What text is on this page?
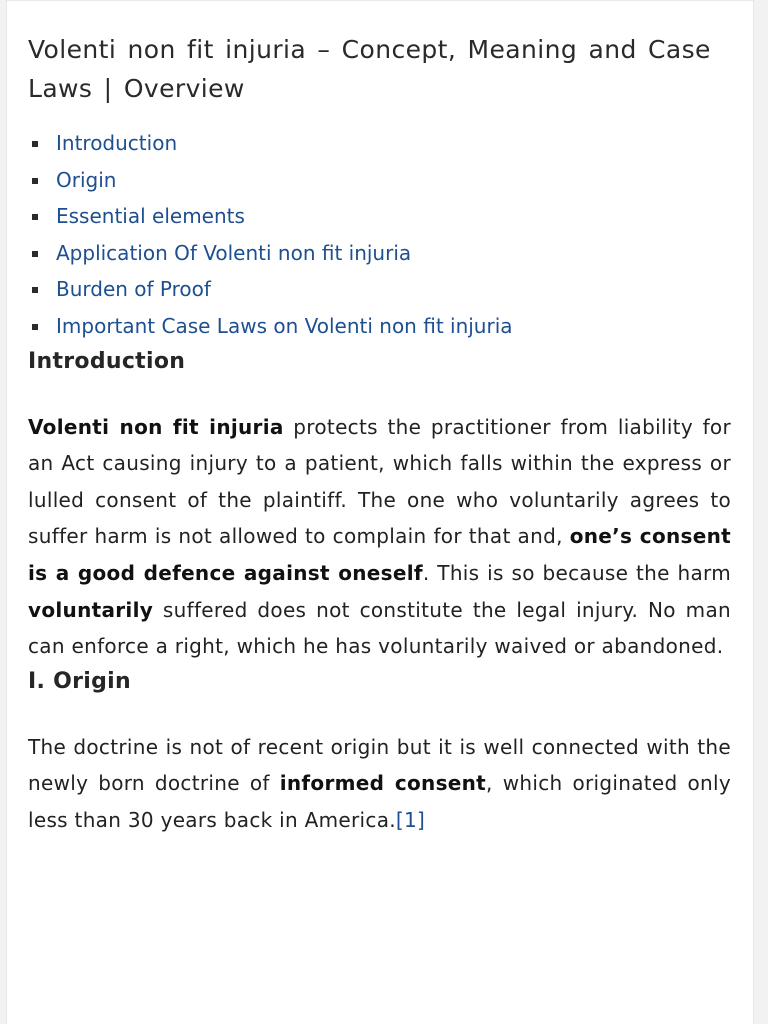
Volenti non fit injuria – Concept, Meaning and Case Laws | Overview
Introduction
Origin
Essential elements
Application Of Volenti non fit injuria
Burden of Proof
Important Case Laws on Volenti non fit injuria
Introduction

Volenti non fit injuria protects the practitioner from liability for an Act causing injury to a patient, which falls within the express or lulled consent of the plaintiff. The one who voluntarily agrees to suffer harm is not allowed to complain for that and, one’s consent is a good defence against oneself. This is so because the harm voluntarily suffered does not constitute the legal injury. No man can enforce a right, which he has voluntarily waived or abandoned.

I. Origin

The doctrine is not of recent origin but it is well connected with the newly born doctrine of informed consent, which originated only less than 30 years back in America.[1]
